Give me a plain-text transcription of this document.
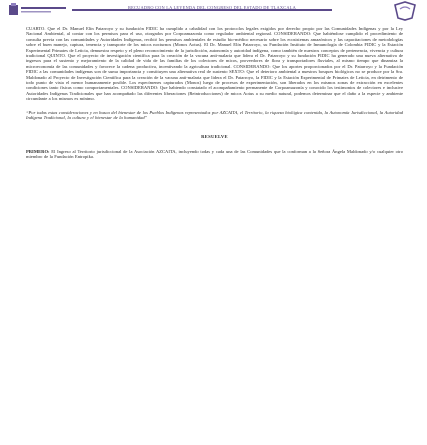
RECUADRO CON LA LEYENDA DEL CONGRESO DEL ESTADO DE TLAXCALA

CUARTO. Que el Dr. Manuel Elín Patarroyo y su fundación FIDIC ha cumplido a cabalidad con los protocolos legales exigidos por derecho propio por las Comunidades Indígenas y por la Ley Nacional Ambiental, al contar con los permisos para el uso, otorgados por Corpoamazonía como regulador ambiental regional. CONSIDERANDO: Que habiéndose cumplido el procedimiento de consulta previa con las comunidades y Autoridades Indígenas, recibió los permisos ambientales de estudio bio-médico necesario sobre los ecosistemas amazónicos y las capacitaciones de metodologías sobre el buen manejo, captura, tenencia y transporte de los micos nocturnos (Monos Aotus). El Dr. Manuel Elín Patarroyo, su Fundación Instituto de Inmunología de Colombia FIDIC y la Estación Experimental Primates de Leticia, demuestra respeto y el pleno reconocimiento de la jurisdicción, autonomía y autoridad indígena, como también de nuestros conceptos de pertenencia, vivencia y cultura tradicional QUINTO. Que el proyecto de investigación científica para la creación de la vacuna anti-malaria que lidera el Dr. Patarroyo y su fundación FIDIC ha generado una nueva alternativa de ingresos para el sustento y mejoramiento de la calidad de vida de las familias de los colectores de micos, proveedores de flora y transportadores fluviales, al mismo tiempo que dinamiza la microeconomía de las comunidades y favorece la cadena productiva, incentivando la agricultura tradicional. CONSIDERANDO: Que los aportes proporcionados por el Dr. Patarroyo y la Fundación FIDIC a las comunidades indígenas son de suma importancia y constituyen una alternativa real de sustento SEXTO: Que el deterioro ambiental a nuestros bosques biológicos no se produce por la Sra. Maldonado al Proyecto de Investigación Científica para la creación de la vacuna anti-malaria que lidera el Dr. Patarroyo, la FIDIC y la Estación Experimental de Primates de Leticia, en detrimento de todo punto de vista el menor humanamente posible. Los especímenes capturados (Monos) luego de procesos de experimentación, son liberados en los mismos zonas de extracción en excelentes condiciones tanto físicas como comportamentales. CONSIDERANDO: Que habiendo constatado el acompañamiento permanente de Corpoamazonía y conocido los testimonios de colectores e inclusive Autoridades Indígenas Tradicionales que han acompañado las diferentes liberaciones (Reintroducciones) de micos Aotus a su medio natural, podemos determinar que el daño a la especie y ambiente circundante a los mismos es mínimo.

“Por todas estas consideraciones y en busca del bienestar de los Pueblos Indígenas representados por AZCAITA, el Territorio, la riqueza biológica contenida, la Autonomía Jurisdiccional, la Autoridad Indígena Tradicional, la cultura y el bienestar de la humanidad”

RESUELVE

PRIMERO: El Ingreso al Territorio jurisdiccional de la Asociación AZCAITA, incluyendo todas y cada una de las Comunidades que la conforman a la Señora Ángela Maldonado y/o cualquier otro miembro de la Fundación Entropika.
